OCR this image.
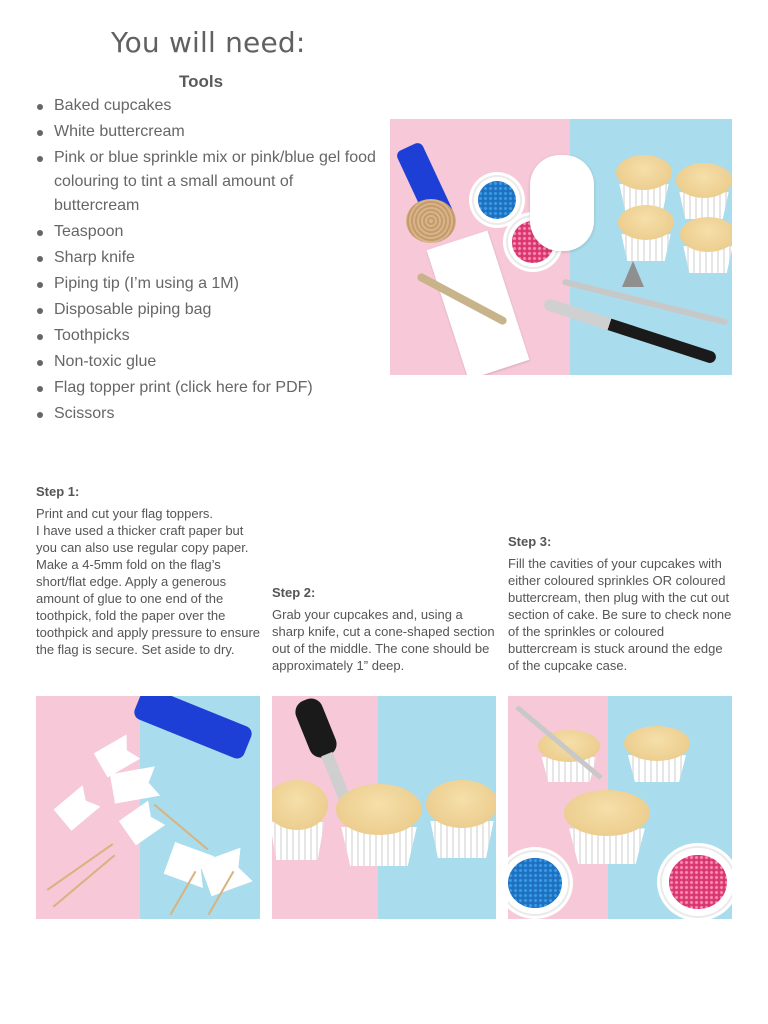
You will need:
Tools
Baked cupcakes
White buttercream
Pink or blue sprinkle mix or pink/blue gel food colouring to tint a small amount of buttercream
Teaspoon
Sharp knife
Piping tip (I’m using a 1M)
Disposable piping bag
Toothpicks
Non-toxic glue
Flag topper print (click here for PDF)
Scissors
Step 1:
Print and cut your flag toppers.
I have used a thicker craft paper but you can also use regular copy paper.
Make a 4-5mm fold on the flag’s short/flat edge. Apply a generous amount of glue to one end of the toothpick, fold the paper over the toothpick and apply pressure to ensure the flag is secure. Set aside to dry.
Step 2:
Grab your cupcakes and, using a sharp knife, cut a cone-shaped section out of the middle. The cone should be approximately 1” deep.
Step 3:
Fill the cavities of your cupcakes with either coloured sprinkles OR coloured buttercream, then plug with the cut out section of cake. Be sure to check none of the sprinkles or coloured buttercream is stuck around the edge of the cupcake case.
